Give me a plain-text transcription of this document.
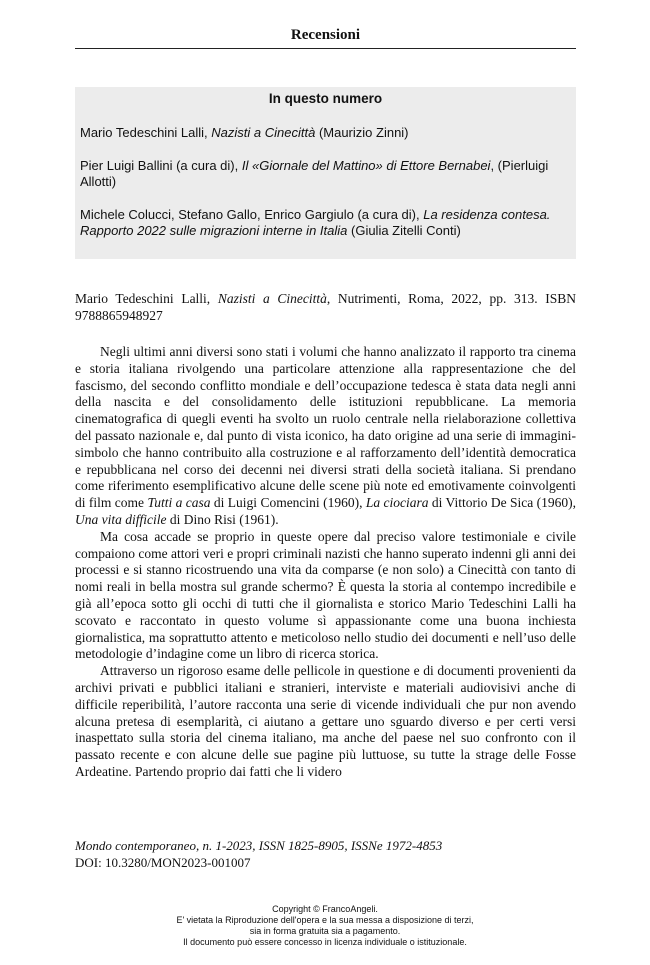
Recensioni
In questo numero
Mario Tedeschini Lalli, Nazisti a Cinecittà (Maurizio Zinni)
Pier Luigi Ballini (a cura di), Il «Giornale del Mattino» di Ettore Bernabei, (Pierluigi Allotti)
Michele Colucci, Stefano Gallo, Enrico Gargiulo (a cura di), La residenza contesa. Rapporto 2022 sulle migrazioni interne in Italia (Giulia Zitelli Conti)
Mario Tedeschini Lalli, Nazisti a Cinecittà, Nutrimenti, Roma, 2022, pp. 313. ISBN 9788865948927

Negli ultimi anni diversi sono stati i volumi che hanno analizzato il rapporto tra cinema e storia italiana rivolgendo una particolare attenzione alla rappresentazione che del fascismo, del secondo conflitto mondiale e dell’occupazione tedesca è stata data negli anni della nascita e del consolidamento delle istituzioni repubblicane. La memoria cinematografica di quegli eventi ha svolto un ruolo centrale nella rielaborazione collettiva del passato nazionale e, dal punto di vista iconico, ha dato origine ad una serie di immagini-simbolo che hanno contribuito alla costruzione e al rafforzamento dell’identità democratica e repubblicana nel corso dei decenni nei diversi strati della società italiana. Si prendano come riferimento esemplificativo alcune delle scene più note ed emotivamente coinvolgenti di film come Tutti a casa di Luigi Comencini (1960), La ciociara di Vittorio De Sica (1960), Una vita difficile di Dino Risi (1961).

Ma cosa accade se proprio in queste opere dal preciso valore testimoniale e civile compaiono come attori veri e propri criminali nazisti che hanno superato indenni gli anni dei processi e si stanno ricostruendo una vita da comparse (e non solo) a Cinecittà con tanto di nomi reali in bella mostra sul grande schermo? È questa la storia al contempo incredibile e già all’epoca sotto gli occhi di tutti che il giornalista e storico Mario Tedeschini Lalli ha scovato e raccontato in questo volume sì appassionante come una buona inchiesta giornalistica, ma soprattutto attento e meticoloso nello studio dei documenti e nell’uso delle metodologie d’indagine come un libro di ricerca storica.

Attraverso un rigoroso esame delle pellicole in questione e di documenti provenienti da archivi privati e pubblici italiani e stranieri, interviste e materiali audiovisivi anche di difficile reperibilità, l’autore racconta una serie di vicende individuali che pur non avendo alcuna pretesa di esemplarità, ci aiutano a gettare uno sguardo diverso e per certi versi inaspettato sulla storia del cinema italiano, ma anche del paese nel suo confronto con il passato recente e con alcune delle sue pagine più luttuose, su tutte la strage delle Fosse Ardeatine. Partendo proprio dai fatti che li videro

Mondo contemporaneo, n. 1-2023, ISSN 1825-8905, ISSNe 1972-4853
DOI: 10.3280/MON2023-001007
Copyright © FrancoAngeli.
E' vietata la Riproduzione dell'opera e la sua messa a disposizione di terzi,
sia in forma gratuita sia a pagamento.
Il documento può essere concesso in licenza individuale o istituzionale.
